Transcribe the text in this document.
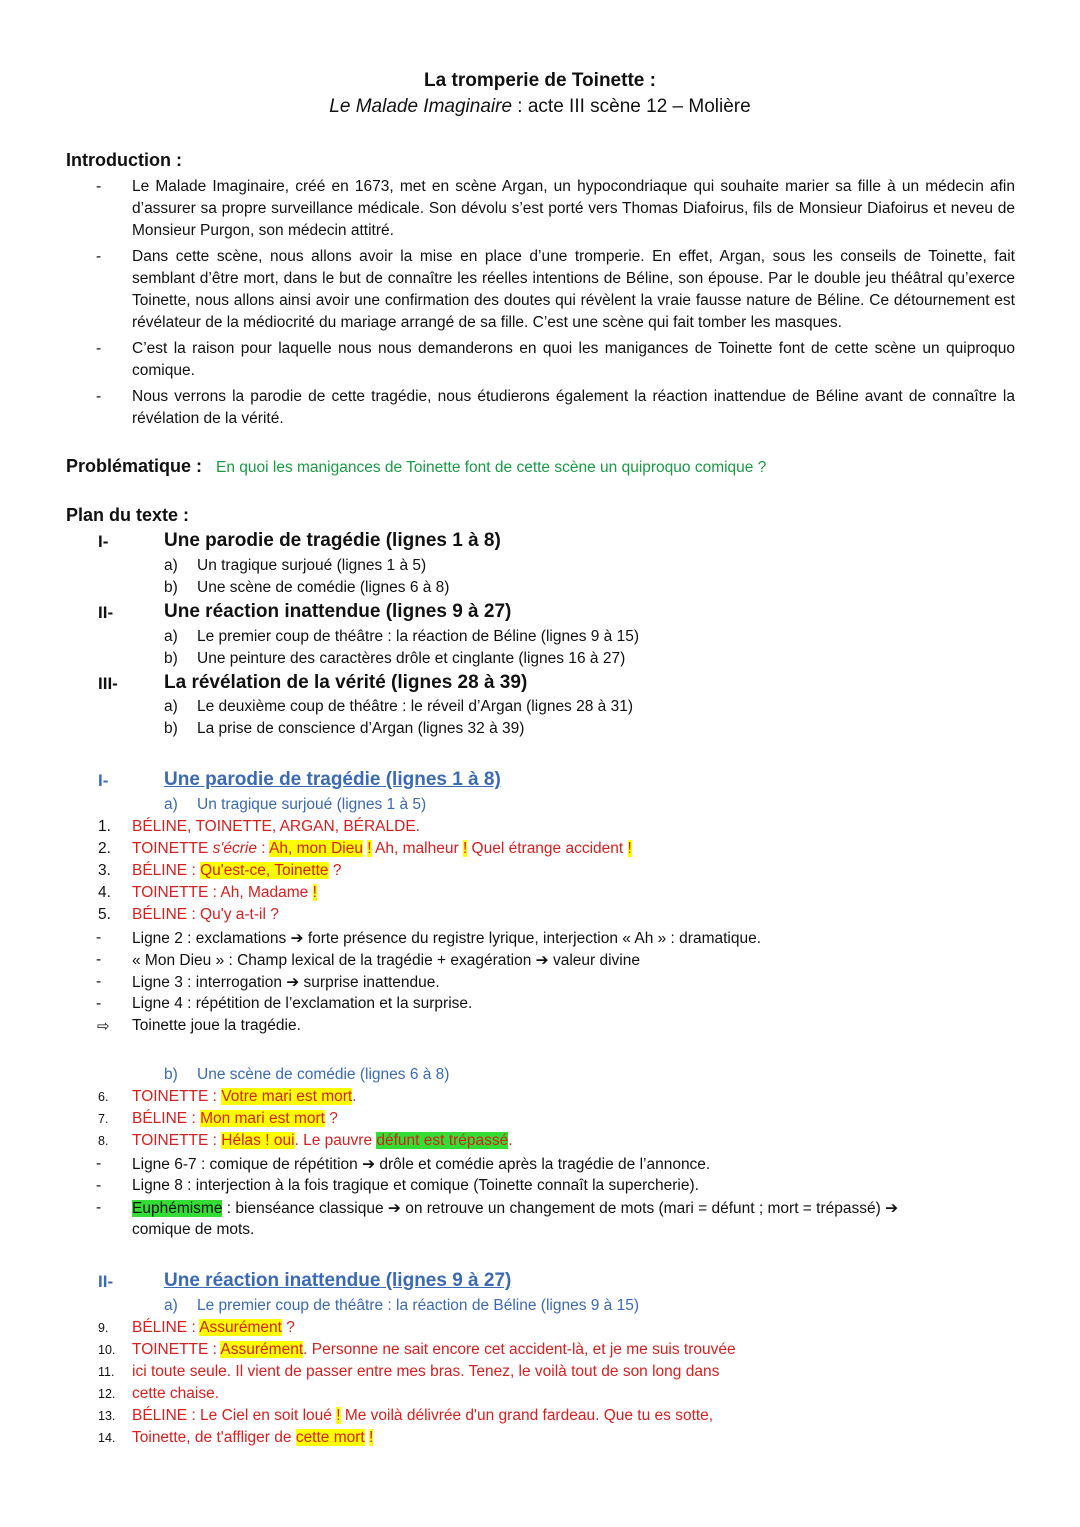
La tromperie de Toinette :
Le Malade Imaginaire : acte III scène 12 – Molière
Introduction :
- Le Malade Imaginaire, créé en 1673, met en scène Argan, un hypocondriaque qui souhaite marier sa fille à un médecin afin d’assurer sa propre surveillance médicale. Son dévolu s’est porté vers Thomas Diafoirus, fils de Monsieur Diafoirus et neveu de Monsieur Purgon, son médecin attitré.
- Dans cette scène, nous allons avoir la mise en place d’une tromperie. En effet, Argan, sous les conseils de Toinette, fait semblant d’être mort, dans le but de connaître les réelles intentions de Béline, son épouse. Par le double jeu théâtral qu’exerce Toinette, nous allons ainsi avoir une confirmation des doutes qui révèlent la vraie fausse nature de Béline. Ce détournement est révélateur de la médiocrité du mariage arrangé de sa fille. C’est une scène qui fait tomber les masques.
- C’est la raison pour laquelle nous nous demanderons en quoi les manigances de Toinette font de cette scène un quiproquo comique.
- Nous verrons la parodie de cette tragédie, nous étudierons également la réaction inattendue de Béline avant de connaître la révélation de la vérité.
Problématique : En quoi les manigances de Toinette font de cette scène un quiproquo comique ?
Plan du texte :
I-	Une parodie de tragédie (lignes 1 à 8)
a) Un tragique surjoué (lignes 1 à 5)
b) Une scène de comédie (lignes 6 à 8)
II-	Une réaction inattendue (lignes 9 à 27)
a) Le premier coup de théâtre : la réaction de Béline (lignes 9 à 15)
b) Une peinture des caractères drôle et cinglante (lignes 16 à 27)
III- La révélation de la vérité (lignes 28 à 39)
a) Le deuxième coup de théâtre : le réveil d’Argan (lignes 28 à 31)
b) La prise de conscience d’Argan (lignes 32 à 39)
I-	Une parodie de tragédie (lignes 1 à 8)
a) Un tragique surjoué (lignes 1 à 5)
1. BÉLINE, TOINETTE, ARGAN, BÉRALDE.
2. TOINETTE s'écrie : Ah, mon Dieu ! Ah, malheur ! Quel étrange accident !
3. BÉLINE : Qu'est-ce, Toinette ?
4. TOINETTE : Ah, Madame !
5. BÉLINE : Qu'y a-t-il ?
- Ligne 2 : exclamations ➔ forte présence du registre lyrique, interjection « Ah » : dramatique.
- « Mon Dieu » : Champ lexical de la tragédie + exagération ➔ valeur divine
- Ligne 3 : interrogation ➔ surprise inattendue.
- Ligne 4 : répétition de l’exclamation et la surprise.
⇨ Toinette joue la tragédie.
b) Une scène de comédie (lignes 6 à 8)
6. TOINETTE : Votre mari est mort.
7. BÉLINE : Mon mari est mort ?
8. TOINETTE : Hélas ! oui. Le pauvre défunt est trépassé.
- Ligne 6-7 : comique de répétition ➔ drôle et comédie après la tragédie de l’annonce.
- Ligne 8 : interjection à la fois tragique et comique (Toinette connaît la supercherie).
- Euphémisme : bienséance classique ➔ on retrouve un changement de mots (mari = défunt ; mort = trépassé) ➔
comique de mots.
II-	Une réaction inattendue (lignes 9 à 27)
a) Le premier coup de théâtre : la réaction de Béline (lignes 9 à 15)
9. BÉLINE : Assurément ?
10. TOINETTE : Assurément. Personne ne sait encore cet accident-là, et je me suis trouvée
11. ici toute seule. Il vient de passer entre mes bras. Tenez, le voilà tout de son long dans
12. cette chaise.
13. BÉLINE : Le Ciel en soit loué ! Me voilà délivrée d'un grand fardeau. Que tu es sotte,
14. Toinette, de t'affliger de cette mort !
